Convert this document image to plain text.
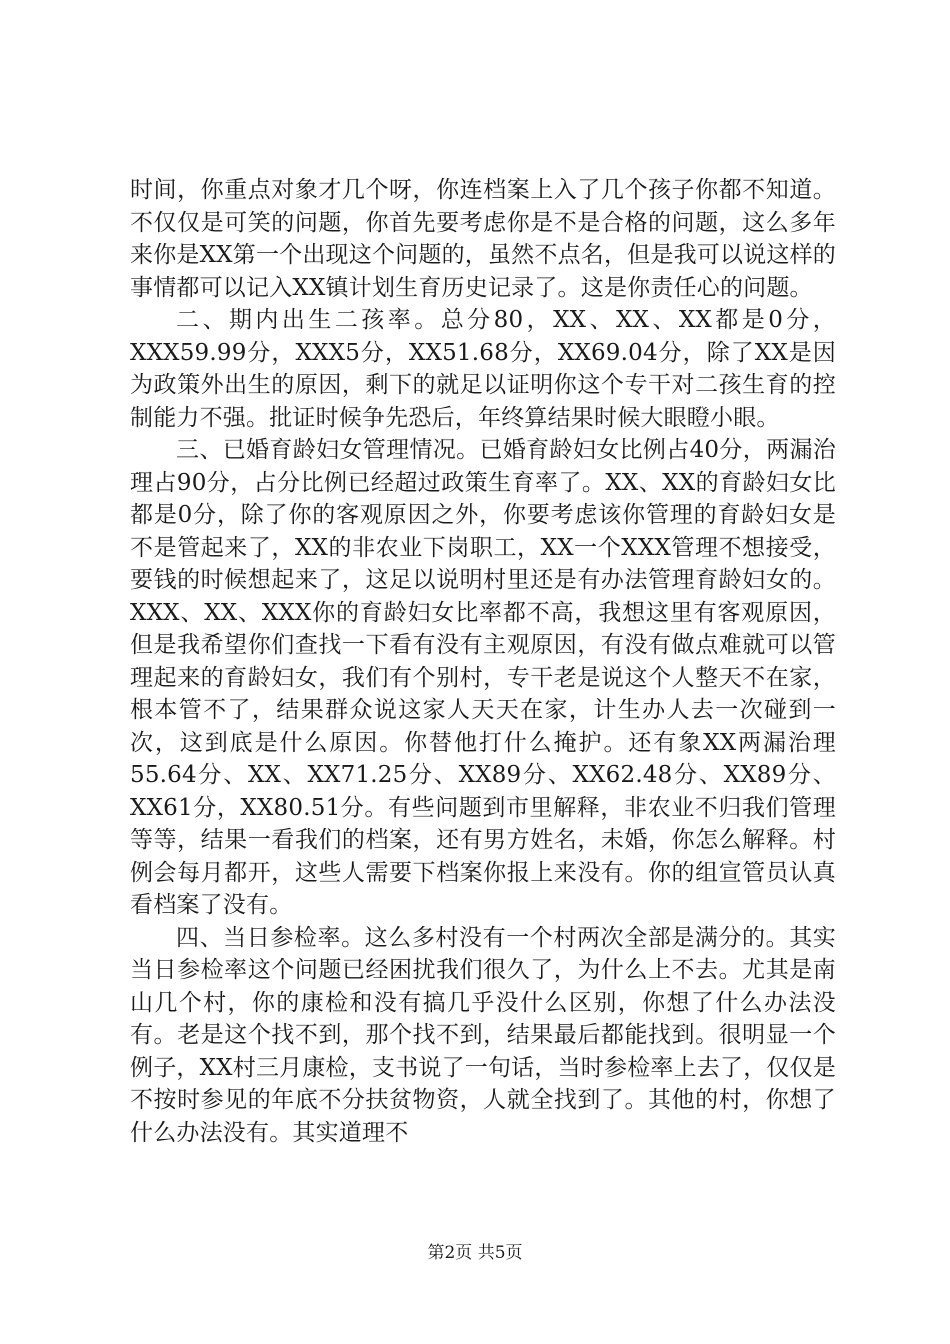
时间，你重点对象才几个呀，你连档案上入了几个孩子你都不知道。不仅仅是可笑的问题，你首先要考虑你是不是合格的问题，这么多年来你是XX第一个出现这个问题的，虽然不点名，但是我可以说这样的事情都可以记入XX镇计划生育历史记录了。这是你责任心的问题。

二、期内出生二孩率。总分80，XX、XX、XX都是0分，XXX59.99分，XXX5分，XX51.68分，XX69.04分，除了XX是因为政策外出生的原因，剩下的就足以证明你这个专干对二孩生育的控制能力不强。批证时候争先恐后，年终算结果时候大眼瞪小眼。

三、已婚育龄妇女管理情况。已婚育龄妇女比例占40分，两漏治理占90分，占分比例已经超过政策生育率了。XX、XX的育龄妇女比都是0分，除了你的客观原因之外，你要考虑该你管理的育龄妇女是不是管起来了，XX的非农业下岗职工，XX一个XXX管理不想接受，要钱的时候想起来了，这足以说明村里还是有办法管理育龄妇女的。XXX、XX、XXX你的育龄妇女比率都不高，我想这里有客观原因，但是我希望你们查找一下看有没有主观原因，有没有做点难就可以管理起来的育龄妇女，我们有个别村，专干老是说这个人整天不在家，根本管不了，结果群众说这家人天天在家，计生办人去一次碰到一次，这到底是什么原因。你替他打什么掩护。还有象XX两漏治理55.64分、XX、XX71.25分、XX89分、XX62.48分、XX89分、XX61分，XX80.51分。有些问题到市里解释，非农业不归我们管理等等，结果一看我们的档案，还有男方姓名，未婚，你怎么解释。村例会每月都开，这些人需要下档案你报上来没有。你的组宣管员认真看档案了没有。

四、当日参检率。这么多村没有一个村两次全部是满分的。其实当日参检率这个问题已经困扰我们很久了，为什么上不去。尤其是南山几个村，你的康检和没有搞几乎没什么区别，你想了什么办法没有。老是这个找不到，那个找不到，结果最后都能找到。很明显一个例子，XX村三月康检，支书说了一句话，当时参检率上去了，仅仅是不按时参见的年底不分扶贫物资，人就全找到了。其他的村，你想了什么办法没有。其实道理不

第2页 共5页
